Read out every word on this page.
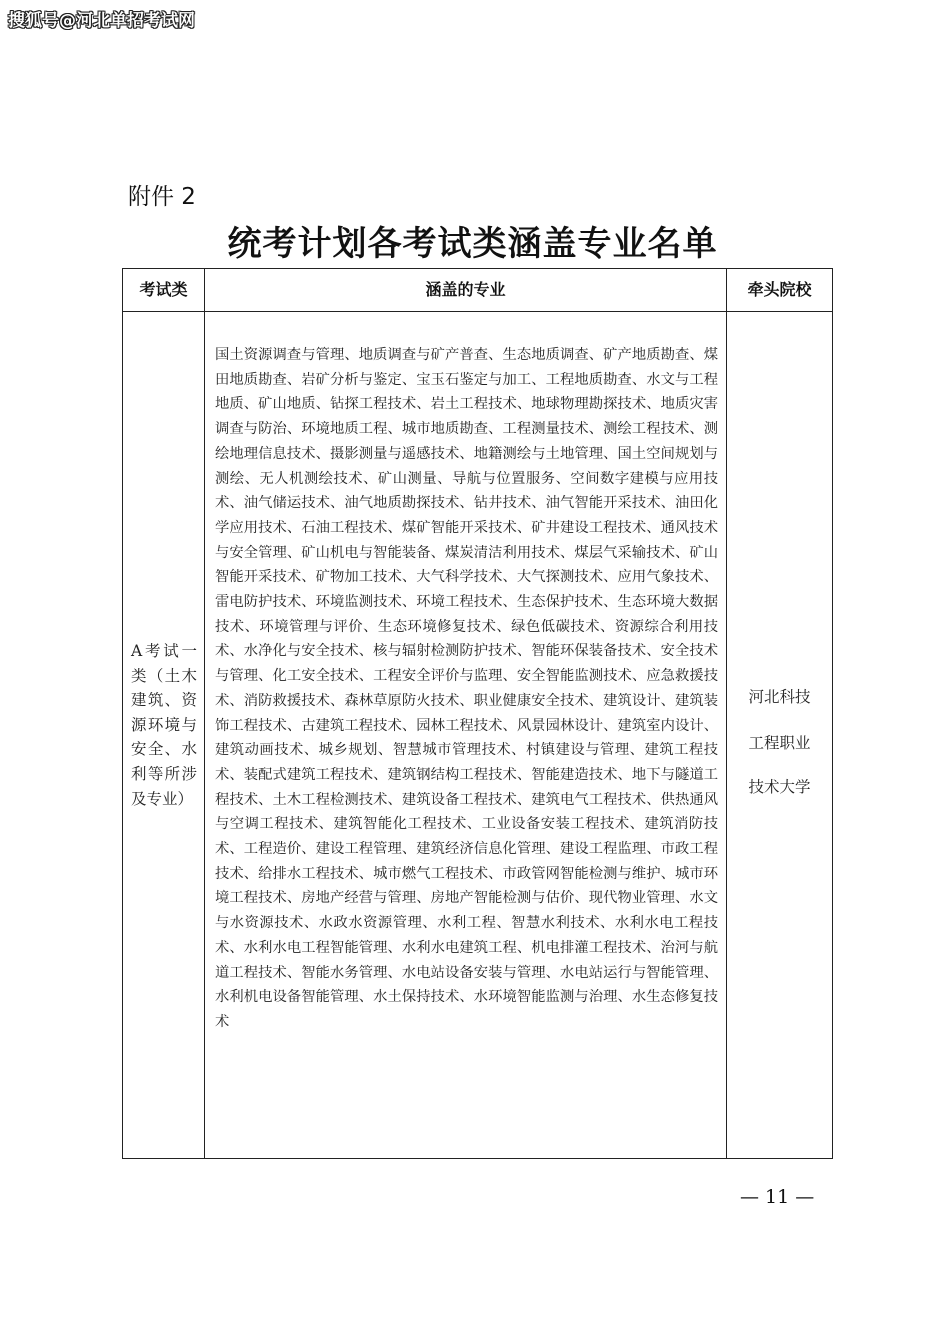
搜狐号@河北单招考试网
附件 2
统考计划各考试类涵盖专业名单
考试类	涵盖的专业	牵头院校
A考试一类（土木建筑、资源环境与安全、水利等所涉及专业）

国土资源调查与管理、地质调查与矿产普查、生态地质调查、矿产地质勘查、煤田地质勘查、岩矿分析与鉴定、宝玉石鉴定与加工、工程地质勘查、水文与工程地质、矿山地质、钻探工程技术、岩土工程技术、地球物理勘探技术、地质灾害调查与防治、环境地质工程、城市地质勘查、工程测量技术、测绘工程技术、测绘地理信息技术、摄影测量与遥感技术、地籍测绘与土地管理、国土空间规划与测绘、无人机测绘技术、矿山测量、导航与位置服务、空间数字建模与应用技术、油气储运技术、油气地质勘探技术、钻井技术、油气智能开采技术、油田化学应用技术、石油工程技术、煤矿智能开采技术、矿井建设工程技术、通风技术与安全管理、矿山机电与智能装备、煤炭清洁利用技术、煤层气采输技术、矿山智能开采技术、矿物加工技术、大气科学技术、大气探测技术、应用气象技术、雷电防护技术、环境监测技术、环境工程技术、生态保护技术、生态环境大数据技术、环境管理与评价、生态环境修复技术、绿色低碳技术、资源综合利用技术、水净化与安全技术、核与辐射检测防护技术、智能环保装备技术、安全技术与管理、化工安全技术、工程安全评价与监理、安全智能监测技术、应急救援技术、消防救援技术、森林草原防火技术、职业健康安全技术、建筑设计、建筑装饰工程技术、古建筑工程技术、园林工程技术、风景园林设计、建筑室内设计、建筑动画技术、城乡规划、智慧城市管理技术、村镇建设与管理、建筑工程技术、装配式建筑工程技术、建筑钢结构工程技术、智能建造技术、地下与隧道工程技术、土木工程检测技术、建筑设备工程技术、建筑电气工程技术、供热通风与空调工程技术、建筑智能化工程技术、工业设备安装工程技术、建筑消防技术、工程造价、建设工程管理、建筑经济信息化管理、建设工程监理、市政工程技术、给排水工程技术、城市燃气工程技术、市政管网智能检测与维护、城市环境工程技术、房地产经营与管理、房地产智能检测与估价、现代物业管理、水文与水资源技术、水政水资源管理、水利工程、智慧水利技术、水利水电工程技术、水利水电工程智能管理、水利水电建筑工程、机电排灌工程技术、治河与航道工程技术、智能水务管理、水电站设备安装与管理、水电站运行与智能管理、水利机电设备智能管理、水土保持技术、水环境智能监测与治理、水生态修复技术

河北科技
工程职业
技术大学
— 11 —
